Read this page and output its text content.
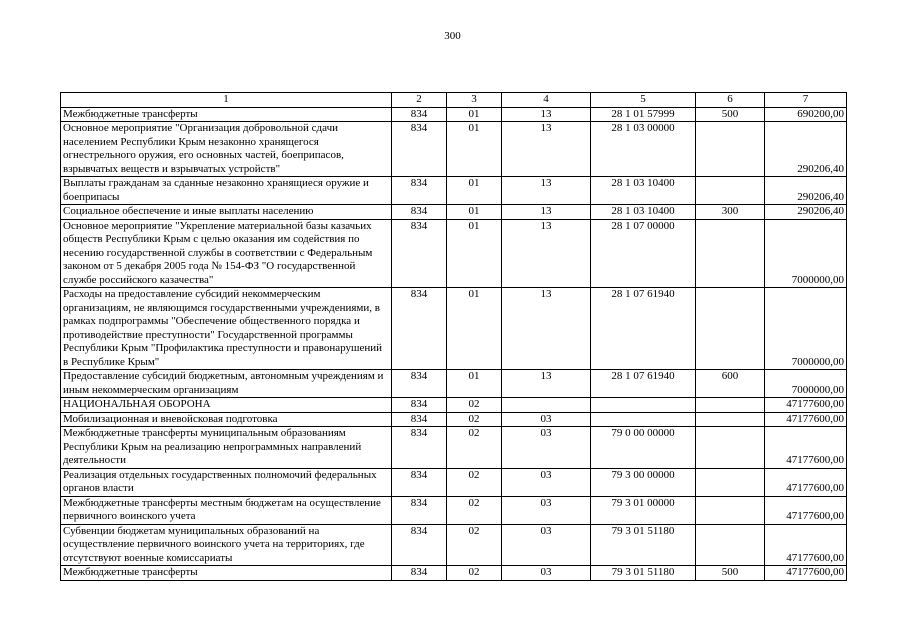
300
1	2	3	4	5	6	7
Межбюджетные трансферты	834	01	13	28 1 01 57999	500	690200,00
Основное мероприятие "Организация добровольной сдачи населением Республики Крым незаконно хранящегося огнестрельного оружия, его основных частей, боеприпасов, взрывчатых веществ и взрывчатых устройств"	834	01	13	28 1 03 00000		290206,40
Выплаты гражданам за сданные незаконно хранящиеся оружие и боеприпасы	834	01	13	28 1 03 10400		290206,40
Социальное обеспечение и иные выплаты населению	834	01	13	28 1 03 10400	300	290206,40
Основное мероприятие "Укрепление материальной базы казачьих обществ Республики Крым с целью оказания им содействия по несению государственной службы в соответствии с Федеральным законом от 5 декабря 2005 года № 154-ФЗ "О государственной службе российского казачества"	834	01	13	28 1 07 00000		7000000,00
Расходы на предоставление субсидий некоммерческим организациям, не являющимся государственными учреждениями, в рамках подпрограммы "Обеспечение общественного порядка и противодействие преступности" Государственной программы Республики Крым "Профилактика преступности и правонарушений в Республике Крым"	834	01	13	28 1 07 61940		7000000,00
Предоставление субсидий бюджетным, автономным учреждениям и иным некоммерческим организациям	834	01	13	28 1 07 61940	600	7000000,00
НАЦИОНАЛЬНАЯ ОБОРОНА	834	02				47177600,00
Мобилизационная и вневойсковая подготовка	834	02	03			47177600,00
Межбюджетные трансферты муниципальным образованиям Республики Крым на реализацию непрограммных направлений деятельности	834	02	03	79 0 00 00000		47177600,00
Реализация отдельных государственных полномочий федеральных органов власти	834	02	03	79 3 00 00000		47177600,00
Межбюджетные трансферты местным бюджетам на осуществление первичного воинского учета	834	02	03	79 3 01 00000		47177600,00
Субвенции бюджетам муниципальных образований на осуществление первичного воинского учета на территориях, где отсутствуют военные комиссариаты	834	02	03	79 3 01 51180		47177600,00
Межбюджетные трансферты	834	02	03	79 3 01 51180	500	47177600,00
